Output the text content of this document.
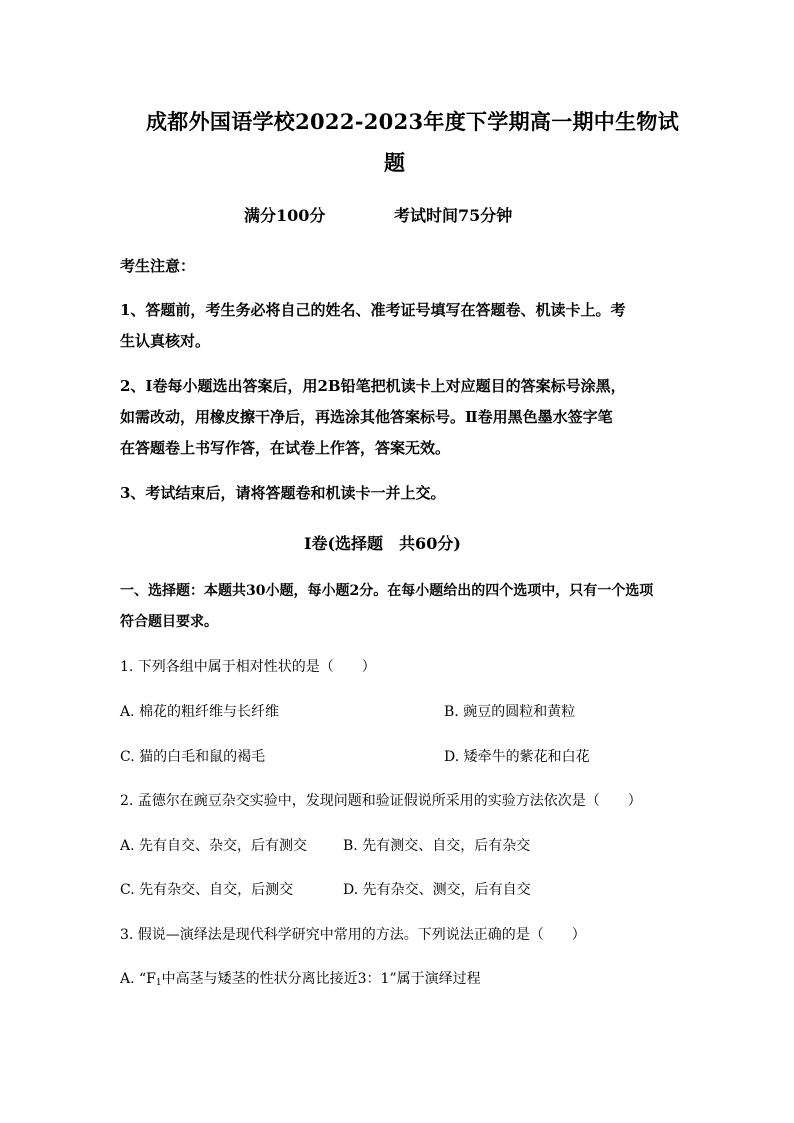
成都外国语学校2022-2023年度下学期高一期中生物试
题
满分100分	考试时间75分钟
考生注意：
1、答题前，考生务必将自己的姓名、准考证号填写在答题卷、机读卡上。考
生认真核对。
2、Ⅰ卷每小题选出答案后，用2B铅笔把机读卡上对应题目的答案标号涂黑，
如需改动，用橡皮擦干净后，再选涂其他答案标号。Ⅱ卷用黑色墨水签字笔
在答题卷上书写作答，在试卷上作答，答案无效。
3、考试结束后，请将答题卷和机读卡一并上交。
I卷(选择题　共60分)
一、选择题：本题共30小题，每小题2分。在每小题给出的四个选项中，只有一个选项
符合题目要求。
1. 下列各组中属于相对性状的是（　　）
A. 棉花的粗纤维与长纤维	B. 豌豆的圆粒和黄粒
C. 猫的白毛和鼠的褐毛	D. 矮牵牛的紫花和白花
2. 孟德尔在豌豆杂交实验中，发现问题和验证假说所采用的实验方法依次是（　　）
A. 先有自交、杂交，后有测交	B. 先有测交、自交，后有杂交
C. 先有杂交、自交，后测交	D. 先有杂交、测交，后有自交
3. 假说—演绎法是现代科学研究中常用的方法。下列说法正确的是（　　）
A. “$F_1$中高茎与矮茎的性状分离比接近3：1”属于演绎过程
